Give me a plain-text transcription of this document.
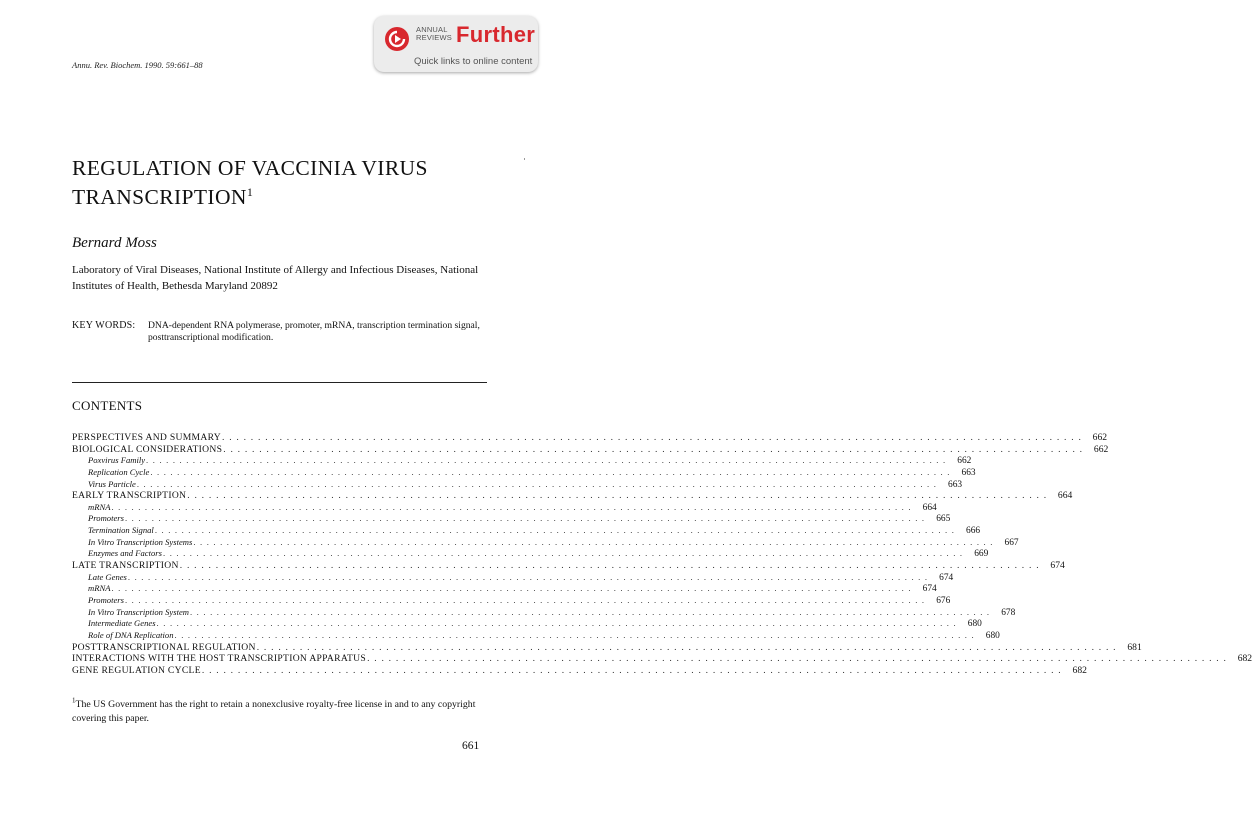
ANNUAL
REVIEWS Further
Quick links to online content
Annu. Rev. Biochem. 1990. 59:661–88
REGULATION OF VACCINIA VIRUS TRANSCRIPTION$^1$
Bernard Moss
Laboratory of Viral Diseases, National Institute of Allergy and Infectious Diseases, National Institutes of Health, Bethesda Maryland 20892
KEY WORDS: DNA-dependent RNA polymerase, promoter, mRNA, transcription termination signal, posttranscriptional modification.
CONTENTS
PERSPECTIVES AND SUMMARY . . . . . . . . . . . . . . . . . . . . . . . . . . . . . . . . . . . . . . . . . . . . . . . . . . . . . . . . . . . . . . . . . . . . . . . . . . . . . . . . . . . . . . . . . . . . . . . . . . . . . . . . . . . . . . . . . . . . . . . .	662
BIOLOGICAL CONSIDERATIONS . . . . . . . . . . . . . . . . . . . . . . . . . . . . . . . . . . . . . . . . . . . . . . . . . . . . . . . . . . . . . . . . . . . . . . . . . . . . . . . . . . . . . . . . . . . . . . . . . . . . . . . . . . . . . . . . . . . . . . . .	662
Poxvirus Family . . . . . . . . . . . . . . . . . . . . . . . . . . . . . . . . . . . . . . . . . . . . . . . . . . . . . . . . . . . . . . . . . . . . . . . . . . . . . . . . . . . . . . . . . . . . . . . . . . . . . . . . . . . . . . . . . . . . . . . .	662
Replication Cycle . . . . . . . . . . . . . . . . . . . . . . . . . . . . . . . . . . . . . . . . . . . . . . . . . . . . . . . . . . . . . . . . . . . . . . . . . . . . . . . . . . . . . . . . . . . . . . . . . . . . . . . . . . . . . . . . . . . . . . . .	663
Virus Particle . . . . . . . . . . . . . . . . . . . . . . . . . . . . . . . . . . . . . . . . . . . . . . . . . . . . . . . . . . . . . . . . . . . . . . . . . . . . . . . . . . . . . . . . . . . . . . . . . . . . . . . . . . . . . . . . . . . . . . . .	663
EARLY TRANSCRIPTION . . . . . . . . . . . . . . . . . . . . . . . . . . . . . . . . . . . . . . . . . . . . . . . . . . . . . . . . . . . . . . . . . . . . . . . . . . . . . . . . . . . . . . . . . . . . . . . . . . . . . . . . . . . . . . . . . . . . . . . .	664
mRNA . . . . . . . . . . . . . . . . . . . . . . . . . . . . . . . . . . . . . . . . . . . . . . . . . . . . . . . . . . . . . . . . . . . . . . . . . . . . . . . . . . . . . . . . . . . . . . . . . . . . . . . . . . . . . . . . . . . . . . . .	664
Promoters . . . . . . . . . . . . . . . . . . . . . . . . . . . . . . . . . . . . . . . . . . . . . . . . . . . . . . . . . . . . . . . . . . . . . . . . . . . . . . . . . . . . . . . . . . . . . . . . . . . . . . . . . . . . . . . . . . . . . . . .	665
Termination Signal . . . . . . . . . . . . . . . . . . . . . . . . . . . . . . . . . . . . . . . . . . . . . . . . . . . . . . . . . . . . . . . . . . . . . . . . . . . . . . . . . . . . . . . . . . . . . . . . . . . . . . . . . . . . . . . . . . . . . . . .	666
In Vitro Transcription Systems . . . . . . . . . . . . . . . . . . . . . . . . . . . . . . . . . . . . . . . . . . . . . . . . . . . . . . . . . . . . . . . . . . . . . . . . . . . . . . . . . . . . . . . . . . . . . . . . . . . . . . . . . . . . . . . . . . . . . . . .	667
Enzymes and Factors . . . . . . . . . . . . . . . . . . . . . . . . . . . . . . . . . . . . . . . . . . . . . . . . . . . . . . . . . . . . . . . . . . . . . . . . . . . . . . . . . . . . . . . . . . . . . . . . . . . . . . . . . . . . . . . . . . . . . . . .	669
LATE TRANSCRIPTION . . . . . . . . . . . . . . . . . . . . . . . . . . . . . . . . . . . . . . . . . . . . . . . . . . . . . . . . . . . . . . . . . . . . . . . . . . . . . . . . . . . . . . . . . . . . . . . . . . . . . . . . . . . . . . . . . . . . . . . .	674
Late Genes . . . . . . . . . . . . . . . . . . . . . . . . . . . . . . . . . . . . . . . . . . . . . . . . . . . . . . . . . . . . . . . . . . . . . . . . . . . . . . . . . . . . . . . . . . . . . . . . . . . . . . . . . . . . . . . . . . . . . . . .	674
mRNA . . . . . . . . . . . . . . . . . . . . . . . . . . . . . . . . . . . . . . . . . . . . . . . . . . . . . . . . . . . . . . . . . . . . . . . . . . . . . . . . . . . . . . . . . . . . . . . . . . . . . . . . . . . . . . . . . . . . . . . .	674
Promoters . . . . . . . . . . . . . . . . . . . . . . . . . . . . . . . . . . . . . . . . . . . . . . . . . . . . . . . . . . . . . . . . . . . . . . . . . . . . . . . . . . . . . . . . . . . . . . . . . . . . . . . . . . . . . . . . . . . . . . . .	676
In Vitro Transcription System . . . . . . . . . . . . . . . . . . . . . . . . . . . . . . . . . . . . . . . . . . . . . . . . . . . . . . . . . . . . . . . . . . . . . . . . . . . . . . . . . . . . . . . . . . . . . . . . . . . . . . . . . . . . . . . . . . . . . . . .	678
Intermediate Genes . . . . . . . . . . . . . . . . . . . . . . . . . . . . . . . . . . . . . . . . . . . . . . . . . . . . . . . . . . . . . . . . . . . . . . . . . . . . . . . . . . . . . . . . . . . . . . . . . . . . . . . . . . . . . . . . . . . . . . . .	680
Role of DNA Replication . . . . . . . . . . . . . . . . . . . . . . . . . . . . . . . . . . . . . . . . . . . . . . . . . . . . . . . . . . . . . . . . . . . . . . . . . . . . . . . . . . . . . . . . . . . . . . . . . . . . . . . . . . . . . . . . . . . . . . . .	680
POSTTRANSCRIPTIONAL REGULATION . . . . . . . . . . . . . . . . . . . . . . . . . . . . . . . . . . . . . . . . . . . . . . . . . . . . . . . . . . . . . . . . . . . . . . . . . . . . . . . . . . . . . . . . . . . . . . . . . . . . . . . . . . . . . . . . . . . . . . . .	681
INTERACTIONS WITH THE HOST TRANSCRIPTION APPARATUS . . . . . . . . . . . . . . . . . . . . . . . . . . . . . . . . . . . . . . . . . . . . . . . . . . . . . . . . . . . . . . . . . . . . . . . . . . . . . . . . . . . . . . . . . . . . . . . . . . . . . . . . . . . . . . . . . . . . . . . .	682
GENE REGULATION CYCLE . . . . . . . . . . . . . . . . . . . . . . . . . . . . . . . . . . . . . . . . . . . . . . . . . . . . . . . . . . . . . . . . . . . . . . . . . . . . . . . . . . . . . . . . . . . . . . . . . . . . . . . . . . . . . . . . . . . . . . . .	682
$^1$The US Government has the right to retain a nonexclusive royalty-free license in and to any copyright covering this paper.
661
